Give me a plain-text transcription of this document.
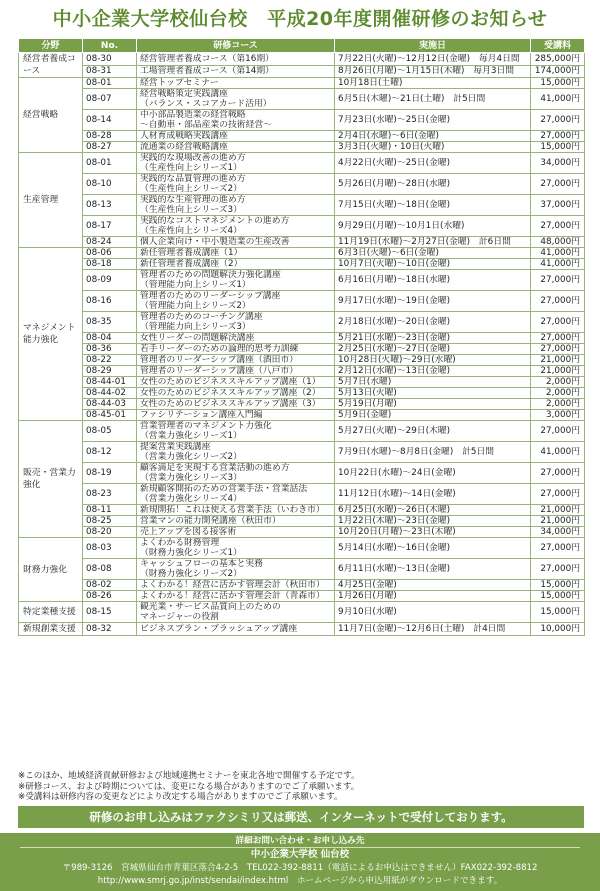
中小企業大学校仙台校　平成20年度開催研修のお知らせ
分野	No.	研修コース	実施日	受講料
経営者養成コース	08-30	経営管理者養成コース（第16期）	7月22日(火曜)～12月12日(金曜)　毎月4日間	285,000円
	08-31	工場管理者養成コース（第14期）	8月26日(月曜)～1月15日(木曜)　毎月3日間	174,000円
経営戦略	08-01	経営トップセミナー	10月18日(土曜)	15,000円
	08-07	経営戦略策定実践講座
（バランス・スコアカード活用）	6月5日(木曜)～21日(土曜)　計5日間	41,000円
	08-14	中小部品製造業の経営戦略
～自動車・部品産業の技術経営～	7月23日(水曜)～25日(金曜)	27,000円
	08-28	人材育成戦略実践講座	2月4日(水曜)～6日(金曜)	27,000円
	08-27	流通業の経営戦略講座	3月3日(火曜)・10日(火曜)	15,000円
生産管理	08-01	実践的な現場改善の進め方
（生産性向上シリーズ1）	4月22日(火曜)～25日(金曜)	34,000円
	08-10	実践的な品質管理の進め方
（生産性向上シリーズ2）	5月26日(月曜)～28日(水曜)	27,000円
	08-13	実践的な生産管理の進め方
（生産性向上シリーズ3）	7月15日(火曜)～18日(金曜)	37,000円
	08-17	実践的なコストマネジメントの進め方
（生産性向上シリーズ4）	9月29日(月曜)～10月1日(水曜)	27,000円
	08-24	個人企業向け・中小製造業の生産改善	11月19日(水曜)～2月27日(金曜)　計6日間	48,000円
マネジメント能力強化	08-06	新任管理者養成講座（1）	6月3日(火曜)～6日(金曜)	41,000円
	08-18	新任管理者養成講座（2）	10月7日(火曜)～10日(金曜)	41,000円
	08-09	管理者のための問題解決力強化講座
（管理能力向上シリーズ1）	6月16日(月曜)～18日(水曜)	27,000円
	08-16	管理者のためのリーダーシップ講座
（管理能力向上シリーズ2）	9月17日(水曜)～19日(金曜)	27,000円
	08-35	管理者のためのコーチング講座
（管理能力向上シリーズ3）	2月18日(水曜)～20日(金曜)	27,000円
	08-04	女性リーダーの問題解決講座	5月21日(水曜)～23日(金曜)	27,000円
	08-36	若手リーダーのための論理的思考力訓練	2月25日(水曜)～27日(金曜)	27,000円
	08-22	管理者のリーダーシップ講座（酒田市）	10月28日(火曜)～29日(水曜)	21,000円
	08-29	管理者のリーダーシップ講座（八戸市）	2月12日(水曜)～13日(金曜)	21,000円
	08-44-01	女性のためのビジネススキルアップ講座（1）	5月7日(水曜)	2,000円
	08-44-02	女性のためのビジネススキルアップ講座（2）	5月13日(火曜)	2,000円
	08-44-03	女性のためのビジネススキルアップ講座（3）	5月19日(月曜)	2,000円
	08-45-01	ファシリテーション講座入門編	5月9日(金曜)	3,000円
販売・営業力強化	08-05	営業管理者のマネジメント力強化
（営業力強化シリーズ1）	5月27日(火曜)～29日(木曜)	27,000円
	08-12	提案営業実践講座
（営業力強化シリーズ2）	7月9日(水曜)～8月8日(金曜)　計5日間	41,000円
	08-19	顧客満足を実現する営業活動の進め方
（営業力強化シリーズ3）	10月22日(水曜)～24日(金曜)	27,000円
	08-23	新規顧客開拓のための営業手法・営業話法
（営業力強化シリーズ4）	11月12日(水曜)～14日(金曜)	27,000円
	08-11	新規開拓！これは使える営業手法（いわき市）	6月25日(水曜)～26日(木曜)	21,000円
	08-25	営業マンの能力開発講座（秋田市）	1月22日(木曜)～23日(金曜)	21,000円
	08-20	売上アップを図る接客術	10月20日(月曜)～23日(木曜)	34,000円
財務力強化	08-03	よくわかる財務管理
（財務力強化シリーズ1）	5月14日(水曜)～16日(金曜)	27,000円
	08-08	キャッシュフローの基本と実務
（財務力強化シリーズ2）	6月11日(水曜)～13日(金曜)	27,000円
	08-02	よくわかる！経営に活かす管理会計（秋田市）	4月25日(金曜)	15,000円
	08-26	よくわかる！経営に活かす管理会計（青森市）	1月26日(月曜)	15,000円
特定業種支援	08-15	観光業・サービス品質向上のための
マネージャーの役割	9月10日(水曜)	15,000円
新規創業支援	08-32	ビジネスプラン・ブラッシュアップ講座	11月7日(金曜)～12月6日(土曜)　計4日間	10,000円
※このほか、地域経済貢献研修および地域連携セミナーを東北各地で開催する予定です。
※研修コース、および時期については、変更になる場合がありますのでご了承願います。
※受講料は研修内容の変更などにより改定する場合がありますのでご了承願います。
研修のお申し込みはファクシミリ又は郵送、インターネットで受付しております。
詳細お問い合わせ・お申し込み先
中小企業大学校 仙台校
〒989-3126　宮城県仙台市青葉区落合4-2-5　TEL022-392-8811（電話によるお申込はできません）FAX022-392-8812
http://www.smrj.go.jp/inst/sendai/index.html　ホームページから申込用紙がダウンロードできます。
